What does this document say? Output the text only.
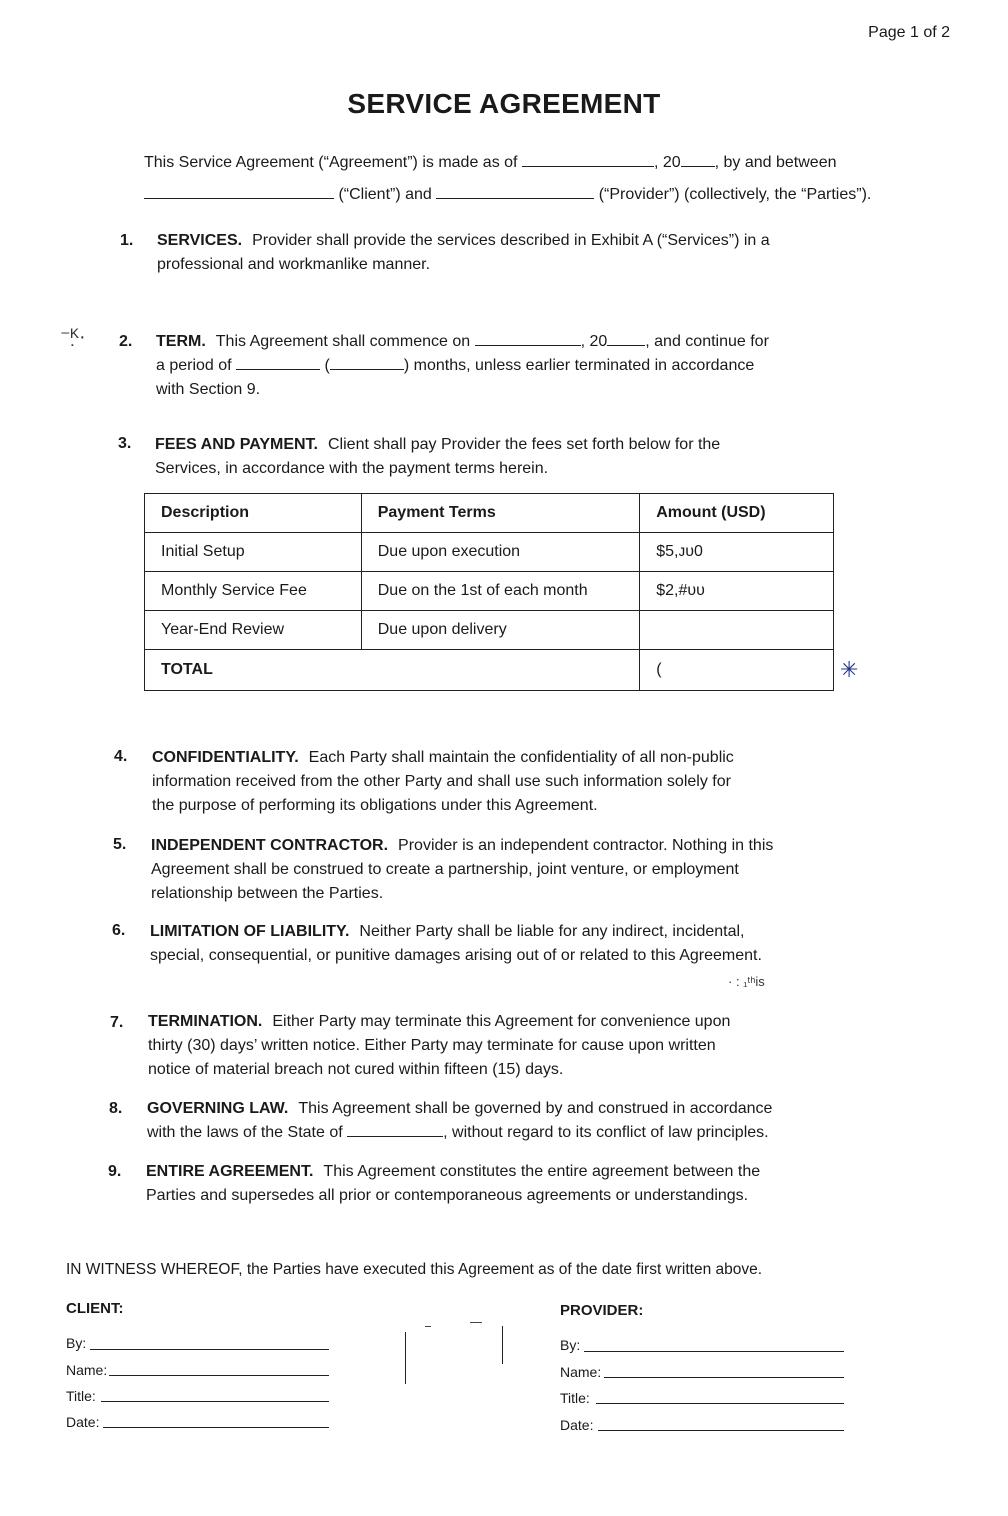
Page 1 of 2
SERVICE AGREEMENT
This Service Agreement (“Agreement”) is made as of	, 20 , by and between
(“Client”) and	(“Provider”) (collectively, the “Parties”).
1. SERVICES. Provider shall provide the services described in Exhibit A (“Services”) in a
professional and workmanlike manner.
⁻ᴷ̣· 2. TERM. This Agreement shall commence on	, 20 , and continue for
a period of	(	) months, unless earlier terminated in accordance
with Section 9.
3. FEES AND PAYMENT. Client shall pay Provider the fees set forth below for the
Services, in accordance with the payment terms herein.
Description	Payment Terms	Amount (USD)
Initial Setup	Due upon execution	$5,ᴊᴜ0
Monthly Service Fee	Due on the 1st of each month	$2,#ᴜᴜ
Year-End Review	Due upon delivery	
TOTAL		(	✳
4. CONFIDENTIALITY. Each Party shall maintain the confidentiality of all non-public
information received from the other Party and shall use such information solely for
the purpose of performing its obligations under this Agreement.
5. INDEPENDENT CONTRACTOR. Provider is an independent contractor. Nothing in this
Agreement shall be construed to create a partnership, joint venture, or employment
relationship between the Parties.
6. LIMITATION OF LIABILITY. Neither Party shall be liable for any indirect, incidental,
special, consequential, or punitive damages arising out of or related to this Agreement.
· : ₁ᵗʰis
7. TERMINATION. Either Party may terminate this Agreement for convenience upon
thirty (30) days’ written notice. Either Party may terminate for cause upon written
notice of material breach not cured within fifteen (15) days.
8. GOVERNING LAW. This Agreement shall be governed by and construed in accordance
with the laws of the State of	, without regard to its conflict of law principles.
9. ENTIRE AGREEMENT. This Agreement constitutes the entire agreement between the
Parties and supersedes all prior or contemporaneous agreements or understandings.
IN WITNESS WHEREOF, the Parties have executed this Agreement as of the date first written above.
CLIENT:
By:
Name:
Title:
Date:
PROVIDER:
By:
Name:
Title:
Date:
